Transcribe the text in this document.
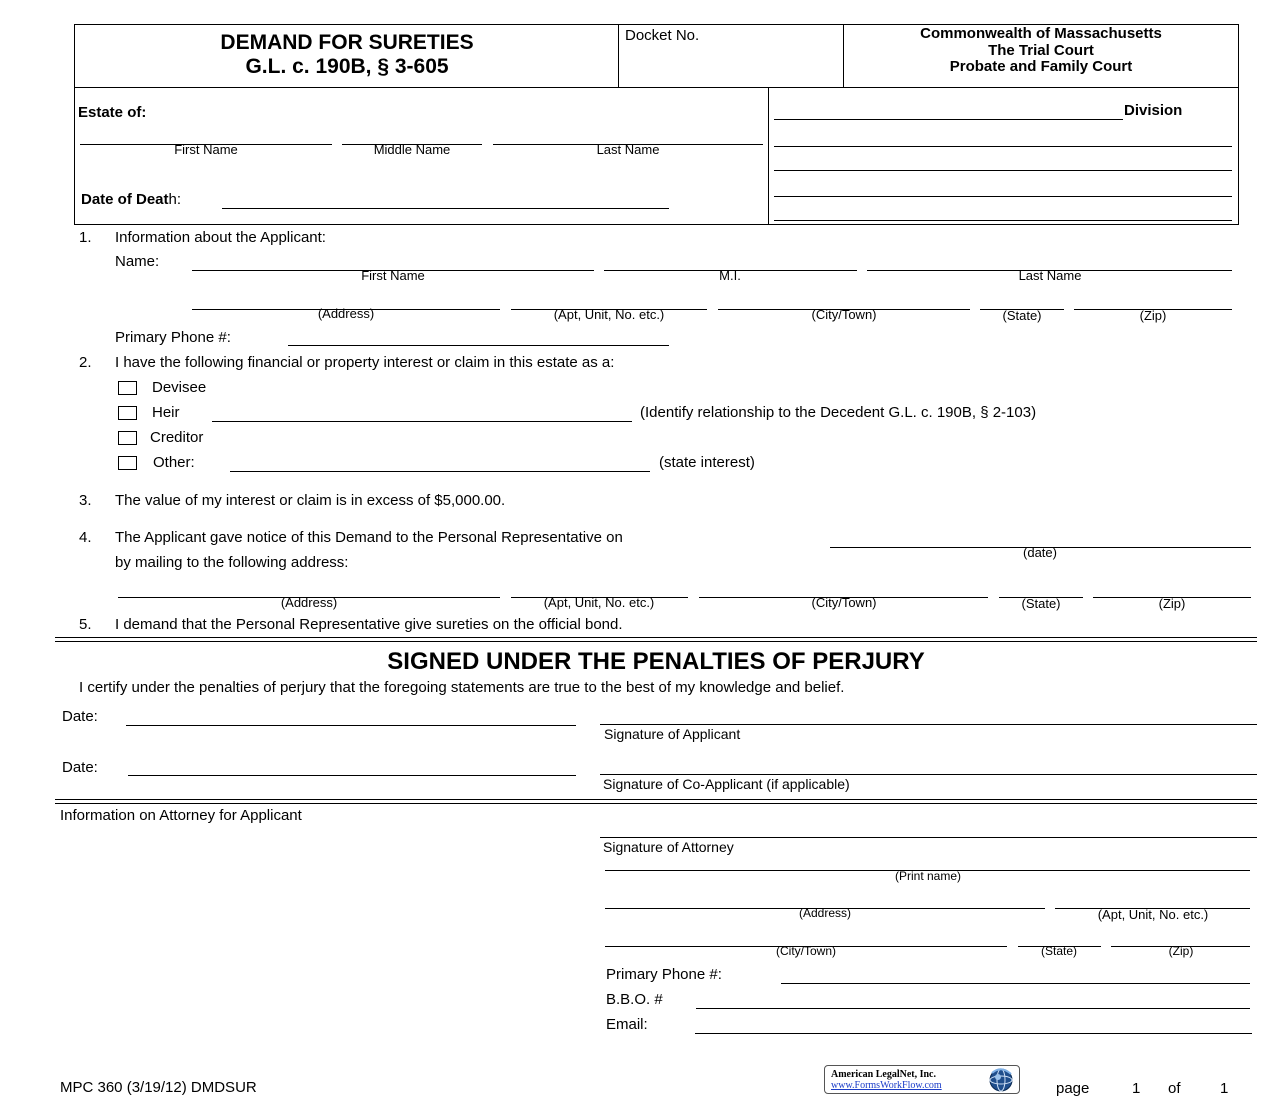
DEMAND FOR SURETIES
G.L. c. 190B, § 3-605
Docket No.	Commonwealth of Massachusetts
The Trial Court
Probate and Family Court
Estate of:
First Name	Middle Name	Last Name
Date of Death:
Division
1. Information about the Applicant:
Name:
First Name	M.I.	Last Name
(Address)	(Apt, Unit, No. etc.)	(City/Town)	(State)	(Zip)
Primary Phone #:
2. I have the following financial or property interest or claim in this estate as a:
Devisee
Heir	(Identify relationship to the Decedent G.L. c. 190B, § 2-103)
Creditor
Other:	(state interest)
3. The value of my interest or claim is in excess of $5,000.00.
4. The Applicant gave notice of this Demand to the Personal Representative on
(date)
by mailing to the following address:
(Address)	(Apt, Unit, No. etc.)	(City/Town)	(State)	(Zip)
5. I demand that the Personal Representative give sureties on the official bond.
SIGNED UNDER THE PENALTIES OF PERJURY
I certify under the penalties of perjury that the foregoing statements are true to the best of my knowledge and belief.
Date:
Signature of Applicant
Date:
Signature of Co-Applicant (if applicable)
Information on Attorney for Applicant
Signature of Attorney
(Print name)
(Address)	(Apt, Unit, No. etc.)
(City/Town)	(State)	(Zip)
Primary Phone #:
B.B.O. #
Email:
MPC 360 (3/19/12) DMDSUR
American LegalNet, Inc.
www.FormsWorkFlow.com	page	1 of	1
